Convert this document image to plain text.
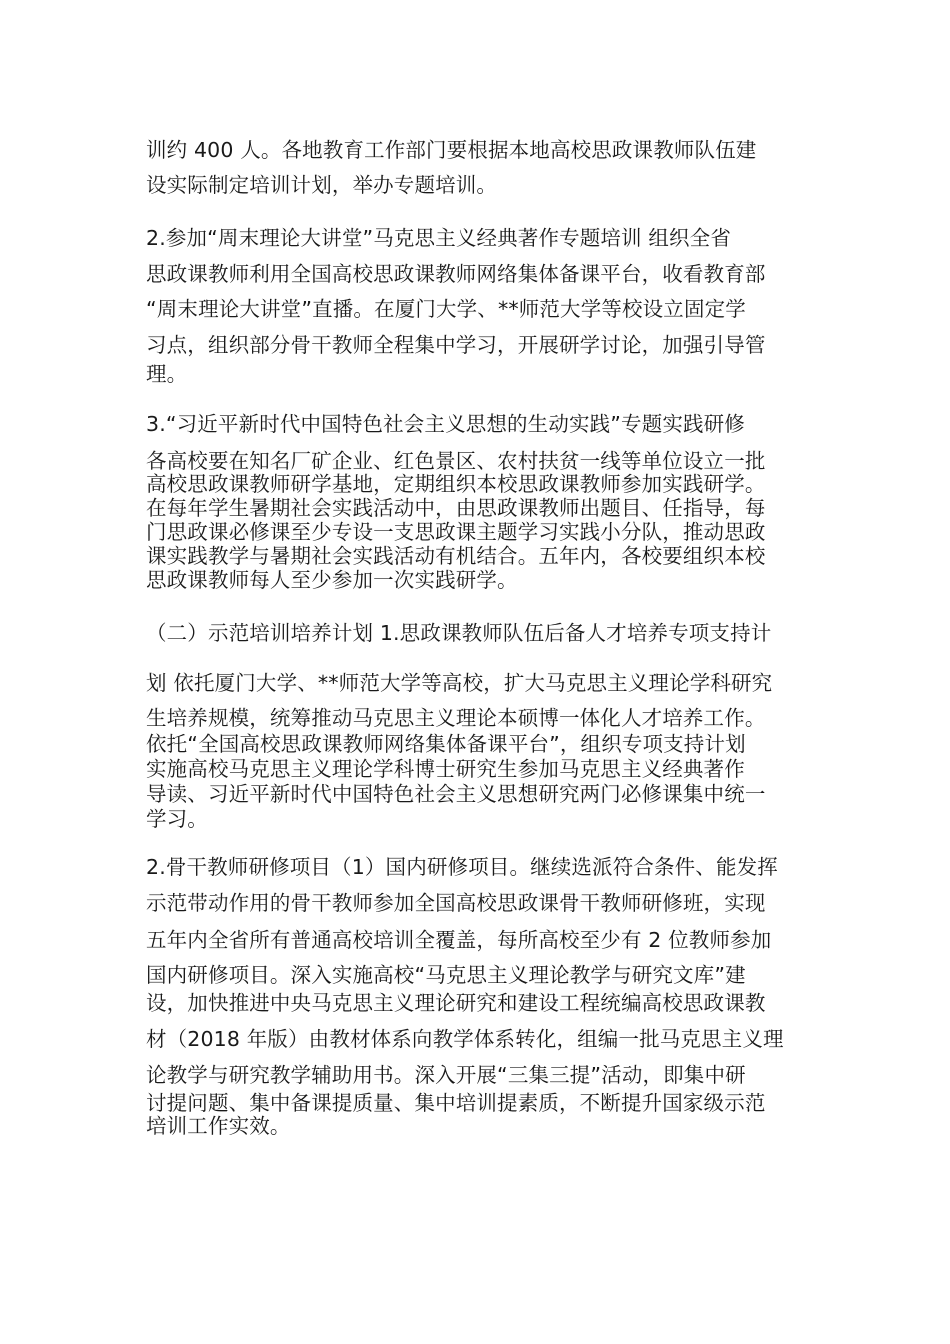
训约 400 人。各地教育工作部门要根据本地高校思政课教师队伍建
设实际制定培训计划，举办专题培训。
2.参加“周末理论大讲堂”马克思主义经典著作专题培训 组织全省
思政课教师利用全国高校思政课教师网络集体备课平台，收看教育部
“周末理论大讲堂”直播。在厦门大学、**师范大学等校设立固定学
习点，组织部分骨干教师全程集中学习，开展研学讨论，加强引导管
理。
3.“习近平新时代中国特色社会主义思想的生动实践”专题实践研修
各高校要在知名厂矿企业、红色景区、农村扶贫一线等单位设立一批
高校思政课教师研学基地，定期组织本校思政课教师参加实践研学。
在每年学生暑期社会实践活动中，由思政课教师出题目、任指导，每
门思政课必修课至少专设一支思政课主题学习实践小分队，推动思政
课实践教学与暑期社会实践活动有机结合。五年内，各校要组织本校
思政课教师每人至少参加一次实践研学。
（二）示范培训培养计划 1.思政课教师队伍后备人才培养专项支持计
划 依托厦门大学、**师范大学等高校，扩大马克思主义理论学科研究
生培养规模，统筹推动马克思主义理论本硕博一体化人才培养工作。
依托“全国高校思政课教师网络集体备课平台”，组织专项支持计划
实施高校马克思主义理论学科博士研究生参加马克思主义经典著作
导读、习近平新时代中国特色社会主义思想研究两门必修课集中统一
学习。
2.骨干教师研修项目（1）国内研修项目。继续选派符合条件、能发挥
示范带动作用的骨干教师参加全国高校思政课骨干教师研修班，实现
五年内全省所有普通高校培训全覆盖，每所高校至少有 2 位教师参加
国内研修项目。深入实施高校“马克思主义理论教学与研究文库”建
设，加快推进中央马克思主义理论研究和建设工程统编高校思政课教
材（2018 年版）由教材体系向教学体系转化，组编一批马克思主义理
论教学与研究教学辅助用书。深入开展“三集三提”活动，即集中研
讨提问题、集中备课提质量、集中培训提素质，不断提升国家级示范
培训工作实效。
